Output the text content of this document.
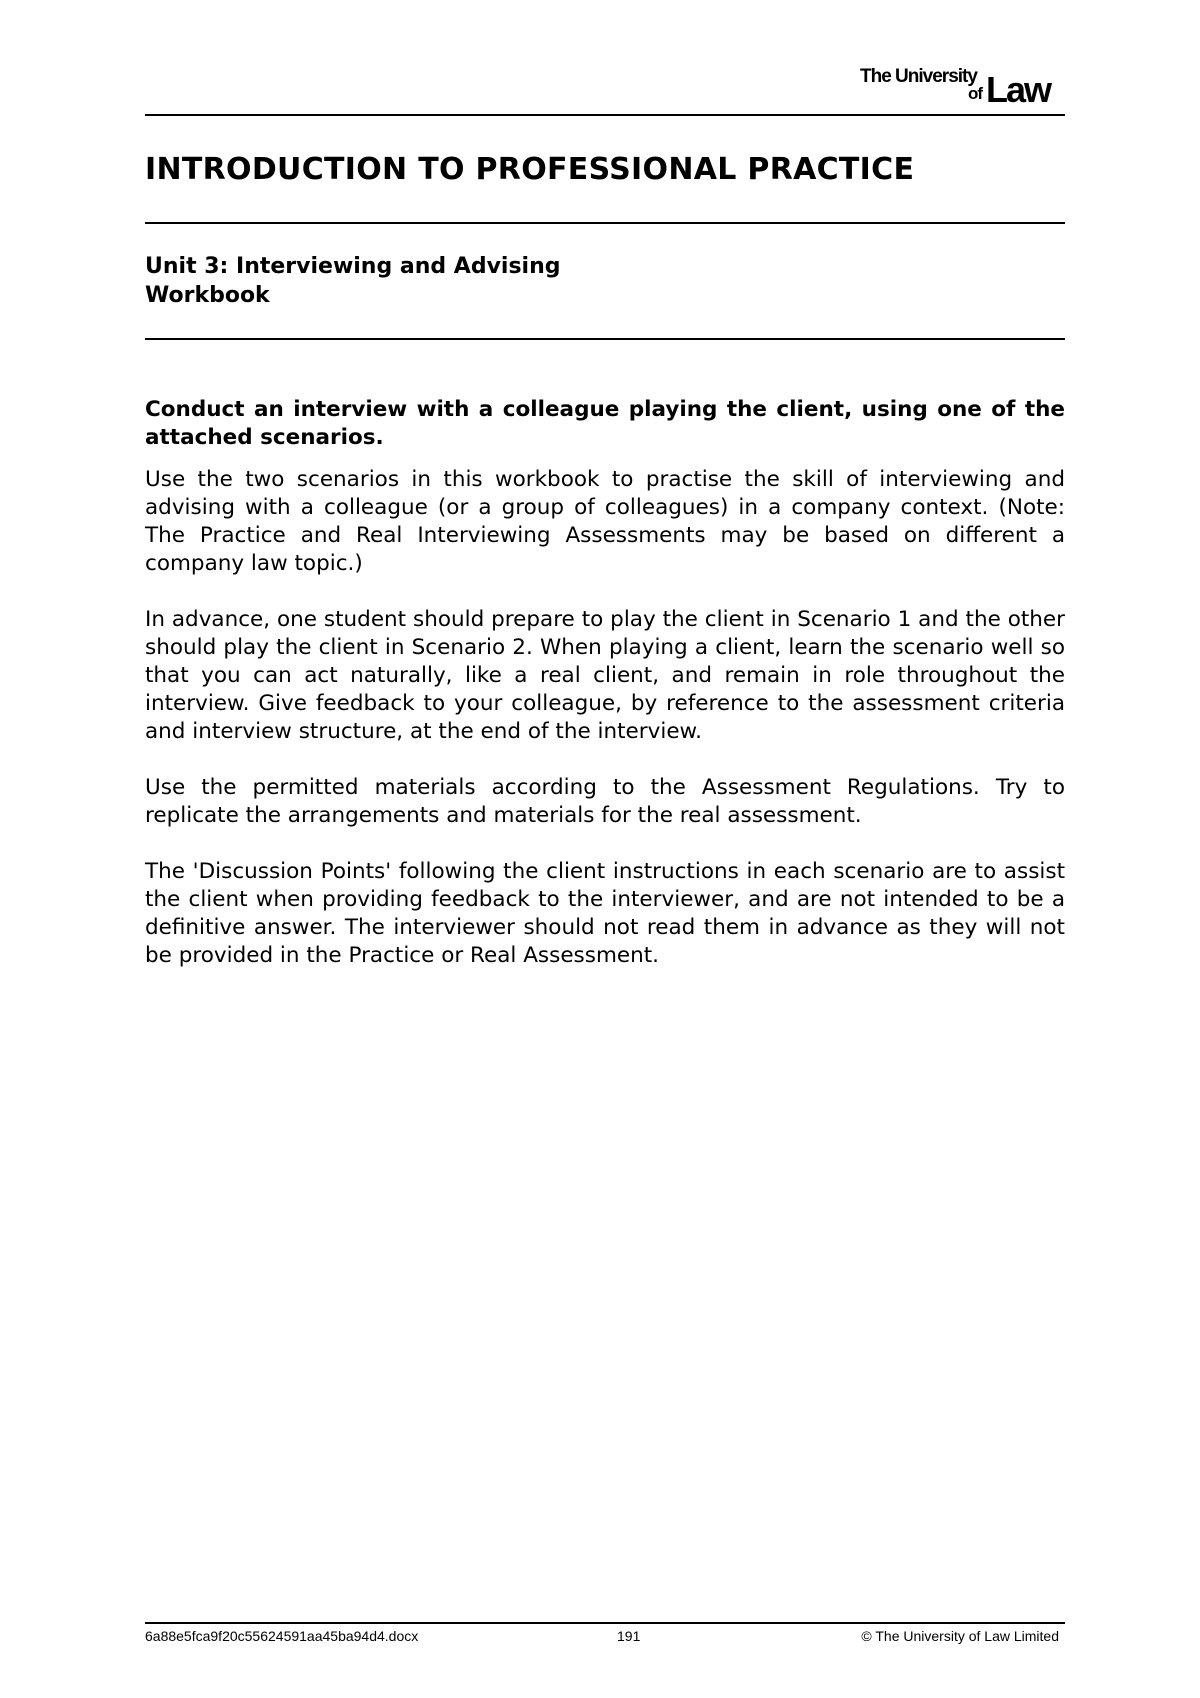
The University
of Law
INTRODUCTION TO PROFESSIONAL PRACTICE
Unit 3: Interviewing and Advising
Workbook

Conduct an interview with a colleague playing the client, using one of the attached scenarios.

Use the two scenarios in this workbook to practise the skill of interviewing and advising with a colleague (or a group of colleagues) in a company context. (Note: The Practice and Real Interviewing Assessments may be based on different a company law topic.)

In advance, one student should prepare to play the client in Scenario 1 and the other should play the client in Scenario 2. When playing a client, learn the scenario well so that you can act naturally, like a real client, and remain in role throughout the interview. Give feedback to your colleague, by reference to the assessment criteria and interview structure, at the end of the interview.

Use the permitted materials according to the Assessment Regulations. Try to replicate the arrangements and materials for the real assessment.

The 'Discussion Points' following the client instructions in each scenario are to assist the client when providing feedback to the interviewer, and are not intended to be a definitive answer. The interviewer should not read them in advance as they will not be provided in the Practice or Real Assessment.

6a88e5fca9f20c55624591aa45ba94d4.docx	191	© The University of Law Limited
